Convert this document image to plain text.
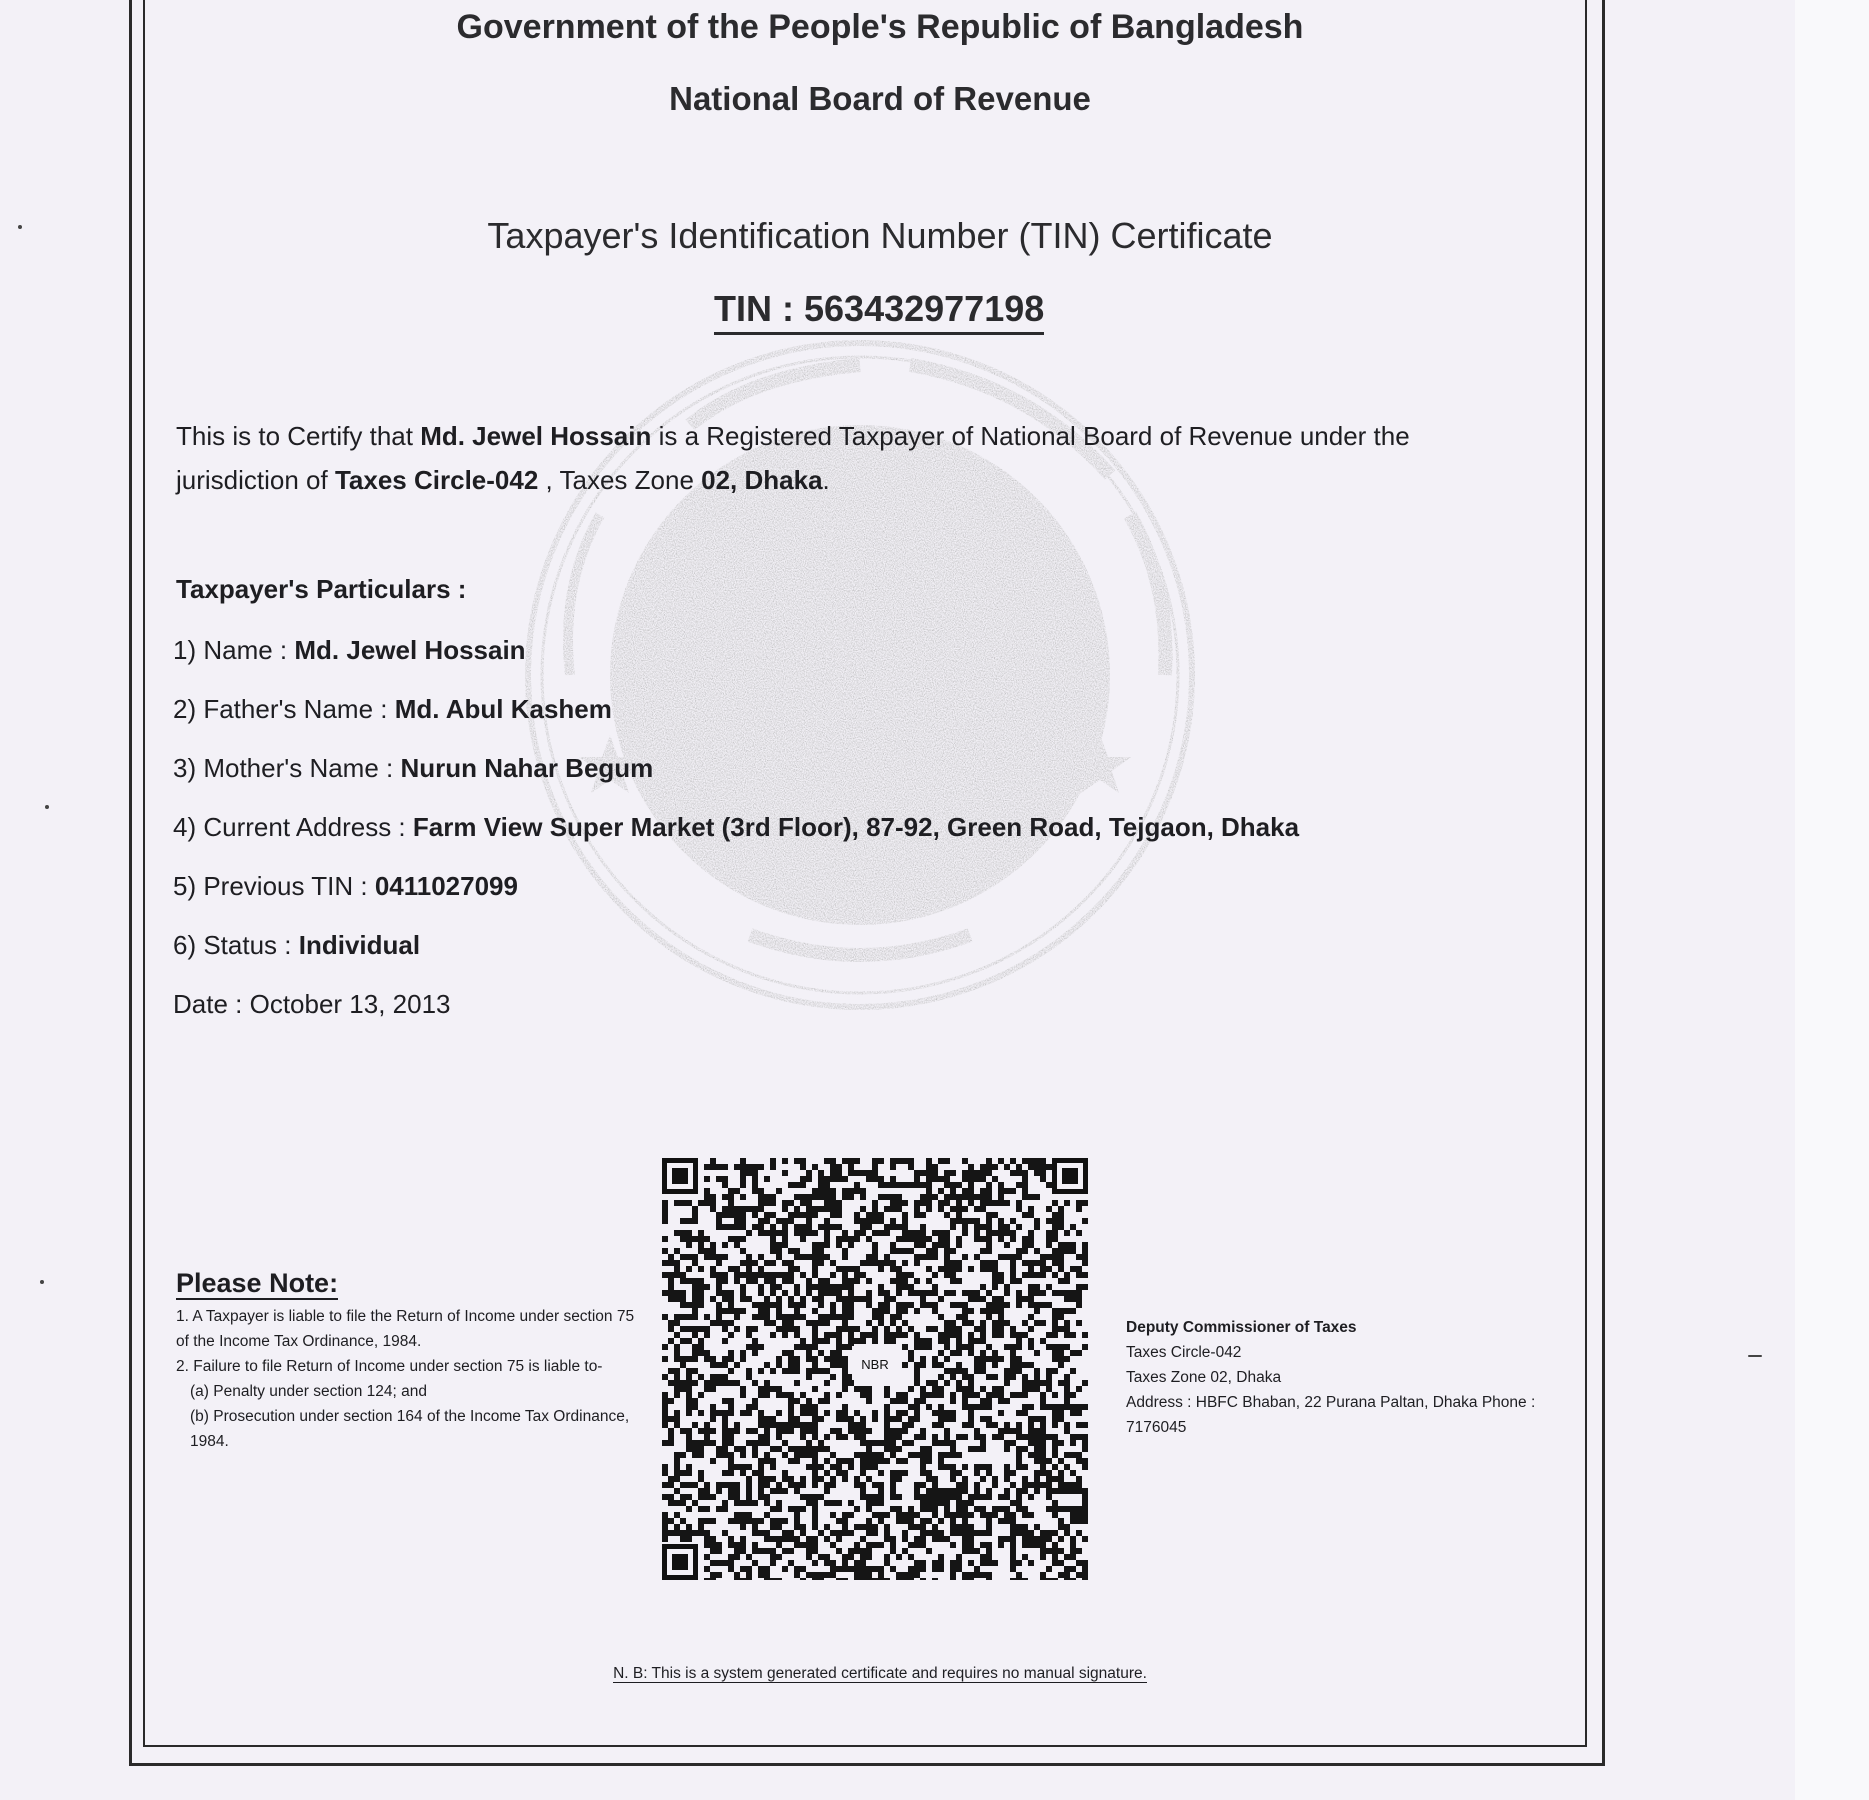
Government of the People's Republic of Bangladesh
National Board of Revenue
Taxpayer's Identification Number (TIN) Certificate
TIN : 563432977198
This is to Certify that Md. Jewel Hossain is a Registered Taxpayer of National Board of Revenue under the jurisdiction of Taxes Circle-042 , Taxes Zone 02, Dhaka.
Taxpayer's Particulars :
1) Name : Md. Jewel Hossain
2) Father's Name : Md. Abul Kashem
3) Mother's Name : Nurun Nahar Begum
4) Current Address : Farm View Super Market (3rd Floor), 87-92, Green Road, Tejgaon, Dhaka
5) Previous TIN : 0411027099
6) Status : Individual
Date : October 13, 2013
NBR
Please Note:
1. A Taxpayer is liable to file the Return of Income under section 75 of the Income Tax Ordinance, 1984.
2. Failure to file Return of Income under section 75 is liable to-
(a) Penalty under section 124; and
(b) Prosecution under section 164 of the Income Tax Ordinance, 1984.
Deputy Commissioner of Taxes
Taxes Circle-042
Taxes Zone 02, Dhaka
Address : HBFC Bhaban, 22 Purana Paltan, Dhaka Phone : 7176045
N. B: This is a system generated certificate and requires no manual signature.
